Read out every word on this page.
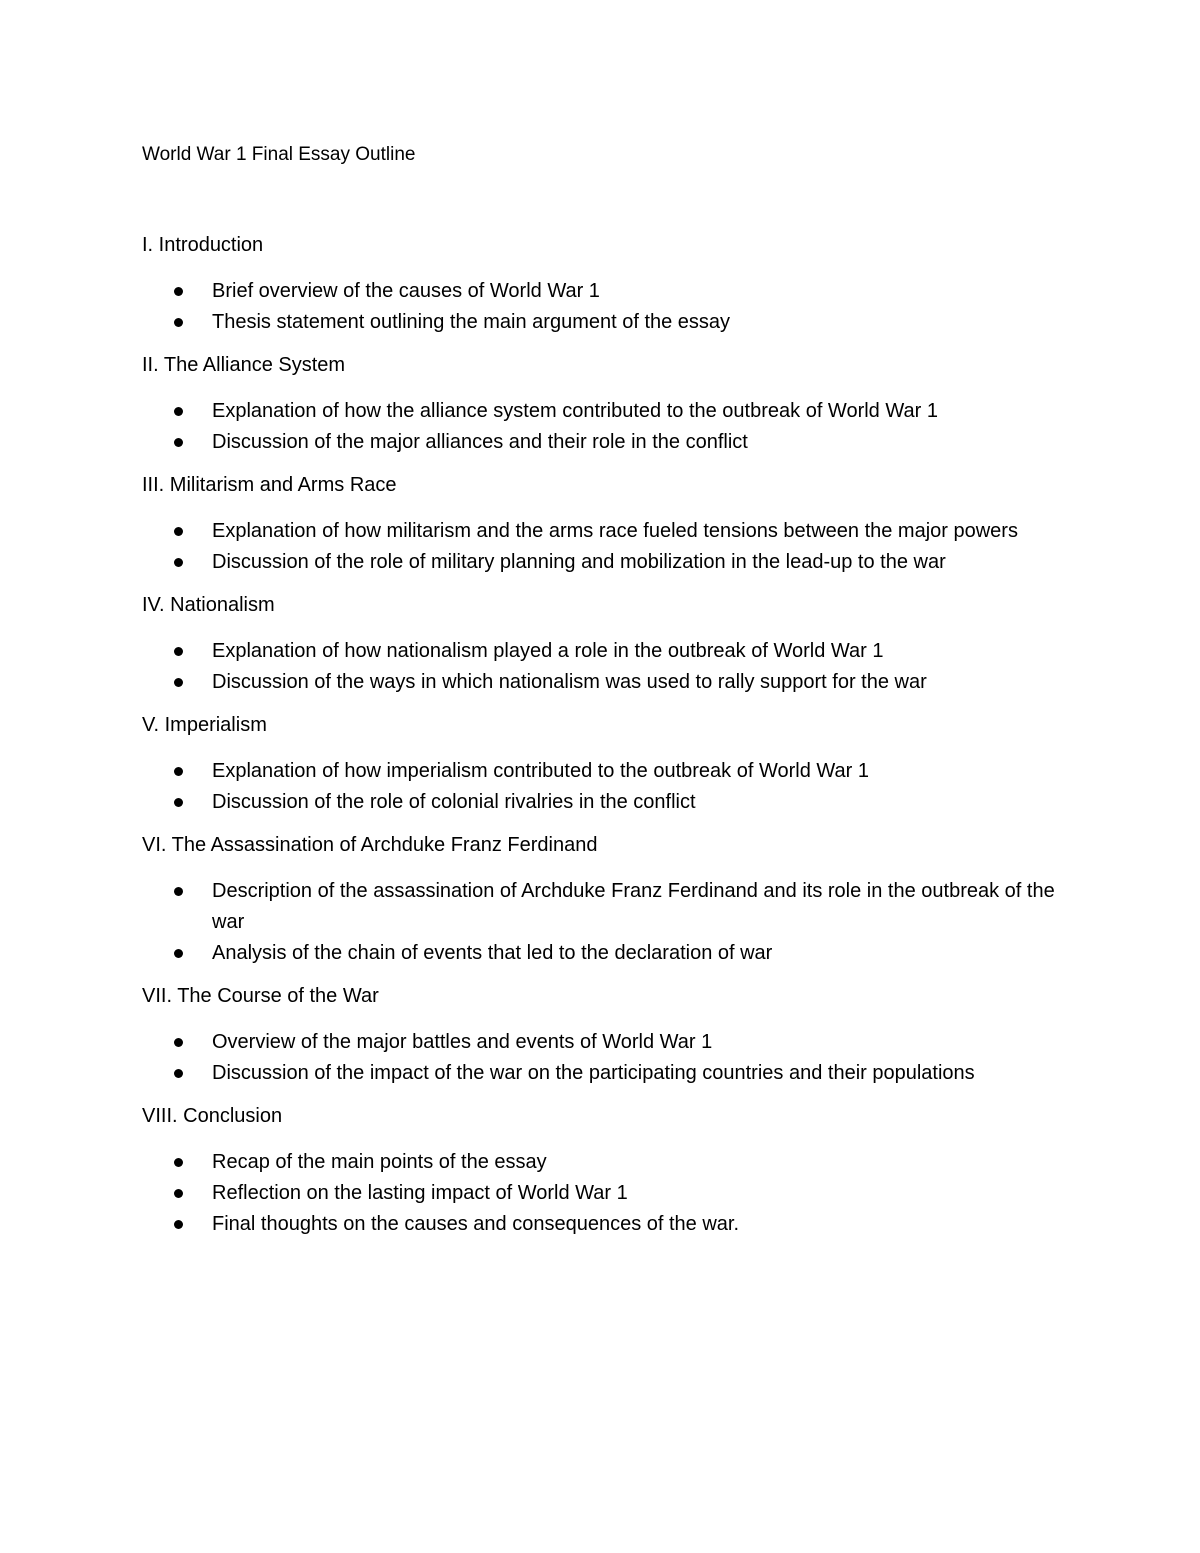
World War 1 Final Essay Outline
I. Introduction
Brief overview of the causes of World War 1
Thesis statement outlining the main argument of the essay
II. The Alliance System
Explanation of how the alliance system contributed to the outbreak of World War 1
Discussion of the major alliances and their role in the conflict
III. Militarism and Arms Race
Explanation of how militarism and the arms race fueled tensions between the major powers
Discussion of the role of military planning and mobilization in the lead-up to the war
IV. Nationalism
Explanation of how nationalism played a role in the outbreak of World War 1
Discussion of the ways in which nationalism was used to rally support for the war
V. Imperialism
Explanation of how imperialism contributed to the outbreak of World War 1
Discussion of the role of colonial rivalries in the conflict
VI. The Assassination of Archduke Franz Ferdinand
Description of the assassination of Archduke Franz Ferdinand and its role in the outbreak of the war
Analysis of the chain of events that led to the declaration of war
VII. The Course of the War
Overview of the major battles and events of World War 1
Discussion of the impact of the war on the participating countries and their populations
VIII. Conclusion
Recap of the main points of the essay
Reflection on the lasting impact of World War 1
Final thoughts on the causes and consequences of the war.
